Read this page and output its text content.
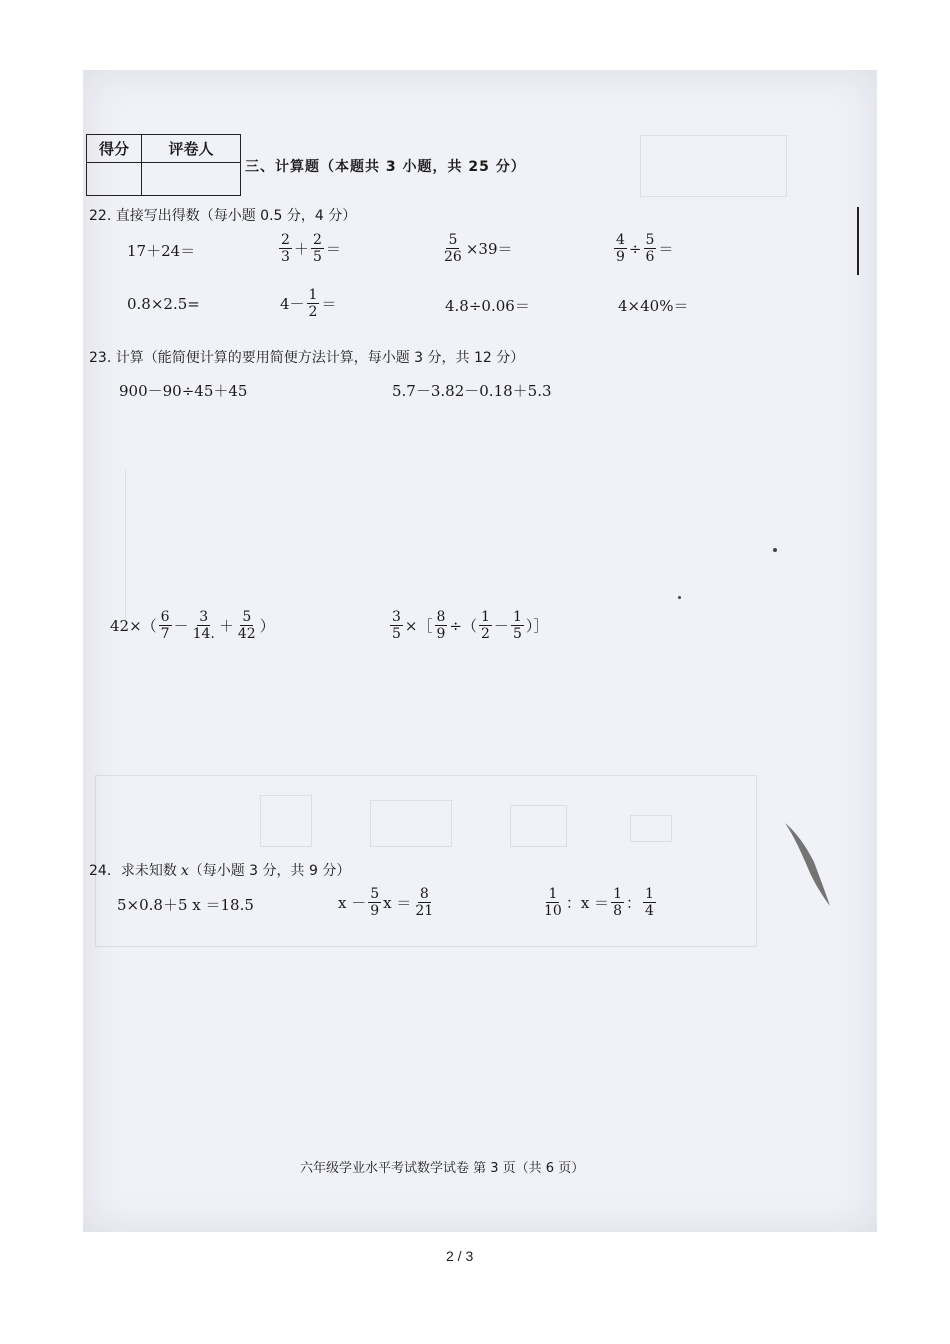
得分	评卷人

三、计算题（本题共 3 小题，共 25 分）
22. 直接写出得数（每小题 0.5 分，4 分）
17＋24＝	$\frac{2}{3} + \frac{2}{5}$ ＝	$\frac{5}{26} \times 39=$	$\frac{4}{9} \div \frac{5}{6}$ ＝
0.8×2.5=	$4- \frac{1}{2}$ ＝	4.8÷0.06＝	4×40%＝
23. 计算（能简便计算的要用简便方法计算，每小题 3 分，共 12 分）
900－90÷45＋45	5.7－3.82－0.18＋5.3
$42\times( \frac{6}{7} - \frac{3}{14.} + \frac{5}{42}$ ）	$\frac{3}{5}$ ×［ $\frac{8}{9}$ ÷（ $\frac{1}{2} - \frac{1}{5}$ ）］
24．求未知数 x（每小题 3 分，共 9 分）
5×0.8＋5 x ＝18.5	$x - \frac{5}{9}$ $x = \frac{8}{21}$	$\frac{1}{10}$ ：$x = \frac{1}{8}$ ： $\frac{1}{4}$
六年级学业水平考试数学试卷 第 3 页（共 6 页）
2 / 3
